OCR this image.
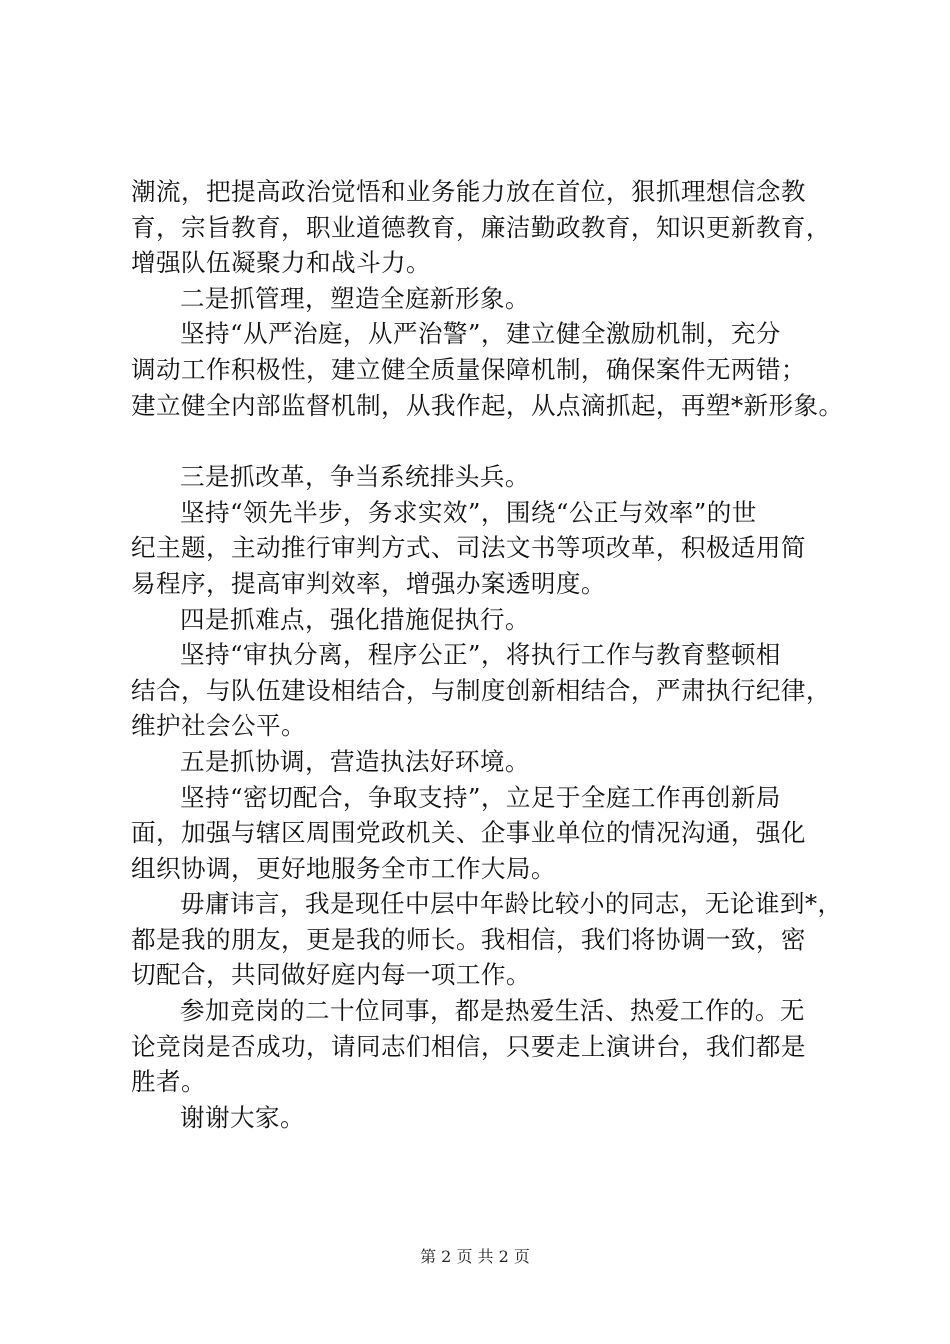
潮流，把提高政治觉悟和业务能力放在首位，狠抓理想信念教
育，宗旨教育，职业道德教育，廉洁勤政教育，知识更新教育，
增强队伍凝聚力和战斗力。
二是抓管理，塑造全庭新形象。
坚持“从严治庭，从严治警”，建立健全激励机制，充分
调动工作积极性，建立健全质量保障机制，确保案件无两错；
建立健全内部监督机制，从我作起，从点滴抓起，再塑*新形象。
三是抓改革，争当系统排头兵。
坚持“领先半步，务求实效”，围绕“公正与效率”的世
纪主题，主动推行审判方式、司法文书等项改革，积极适用简
易程序，提高审判效率，增强办案透明度。
四是抓难点，强化措施促执行。
坚持“审执分离，程序公正”，将执行工作与教育整顿相
结合，与队伍建设相结合，与制度创新相结合，严肃执行纪律，
维护社会公平。
五是抓协调，营造执法好环境。
坚持“密切配合，争取支持”，立足于全庭工作再创新局
面，加强与辖区周围党政机关、企事业单位的情况沟通，强化
组织协调，更好地服务全市工作大局。
毋庸讳言，我是现任中层中年龄比较小的同志，无论谁到*，
都是我的朋友，更是我的师长。我相信，我们将协调一致，密
切配合，共同做好庭内每一项工作。
参加竞岗的二十位同事，都是热爱生活、热爱工作的。无
论竞岗是否成功，请同志们相信，只要走上演讲台，我们都是
胜者。
谢谢大家。
第 2 页 共 2 页
